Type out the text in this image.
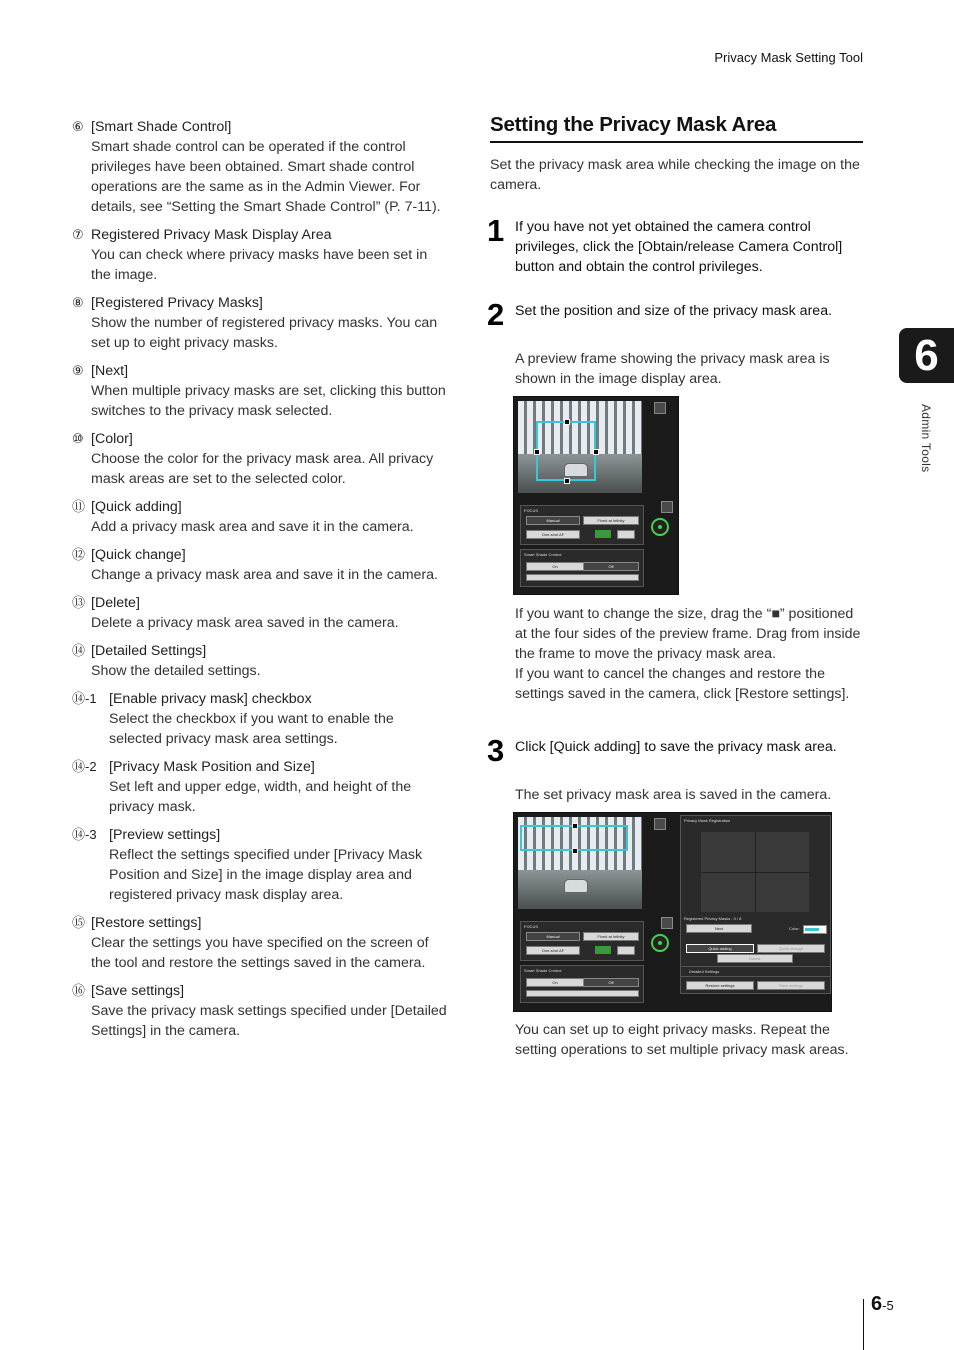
Privacy Mask Setting Tool
6
Admin Tools
⑥ [Smart Shade Control]
Smart shade control can be operated if the control privileges have been obtained. Smart shade control operations are the same as in the Admin Viewer. For details, see “Setting the Smart Shade Control” (P. 7-11).
⑦ Registered Privacy Mask Display Area
You can check where privacy masks have been set in the image.
⑧ [Registered Privacy Masks]
Show the number of registered privacy masks. You can set up to eight privacy masks.
⑨ [Next]
When multiple privacy masks are set, clicking this button switches to the privacy mask selected.
⑩ [Color]
Choose the color for the privacy mask area. All privacy mask areas are set to the selected color.
⑪ [Quick adding]
Add a privacy mask area and save it in the camera.
⑫ [Quick change]
Change a privacy mask area and save it in the camera.
⑬ [Delete]
Delete a privacy mask area saved in the camera.
⑭ [Detailed Settings]
Show the detailed settings.
⑭-1 [Enable privacy mask] checkbox
Select the checkbox if you want to enable the selected privacy mask area settings.
⑭-2 [Privacy Mask Position and Size]
Set left and upper edge, width, and height of the privacy mask.
⑭-3 [Preview settings]
Reflect the settings specified under [Privacy Mask Position and Size] in the image display area and registered privacy mask display area.
⑮ [Restore settings]
Clear the settings you have specified on the screen of the tool and restore the settings saved in the camera.
⑯ [Save settings]
Save the privacy mask settings specified under [Detailed Settings] in the camera.
Setting the Privacy Mask Area
Set the privacy mask area while checking the image on the camera.
1 If you have not yet obtained the camera control privileges, click the [Obtain/release Camera Control] button and obtain the control privileges.
2 Set the position and size of the privacy mask area.
A preview frame showing the privacy mask area is shown in the image display area.
FOCUS
Manual	Fixed at Infinity
One-shot AF
Smart Shade Control
On	Off
If you want to change the size, drag the “■” positioned at the four sides of the preview frame. Drag from inside the frame to move the privacy mask area.
If you want to cancel the changes and restore the settings saved in the camera, click [Restore settings].
3 Click [Quick adding] to save the privacy mask area.
The set privacy mask area is saved in the camera.
FOCUS
Manual	Fixed at Infinity
One-shot AF
Smart Shade Control
On	Off
Privacy Mask Registration
Registered Privacy Masks : 0 / 8
Next	Color:
Quick adding	Quick change
Delete
Detailed Settings
Restore settings	Save settings
You can set up to eight privacy masks. Repeat the setting operations to set multiple privacy mask areas.
6-5
